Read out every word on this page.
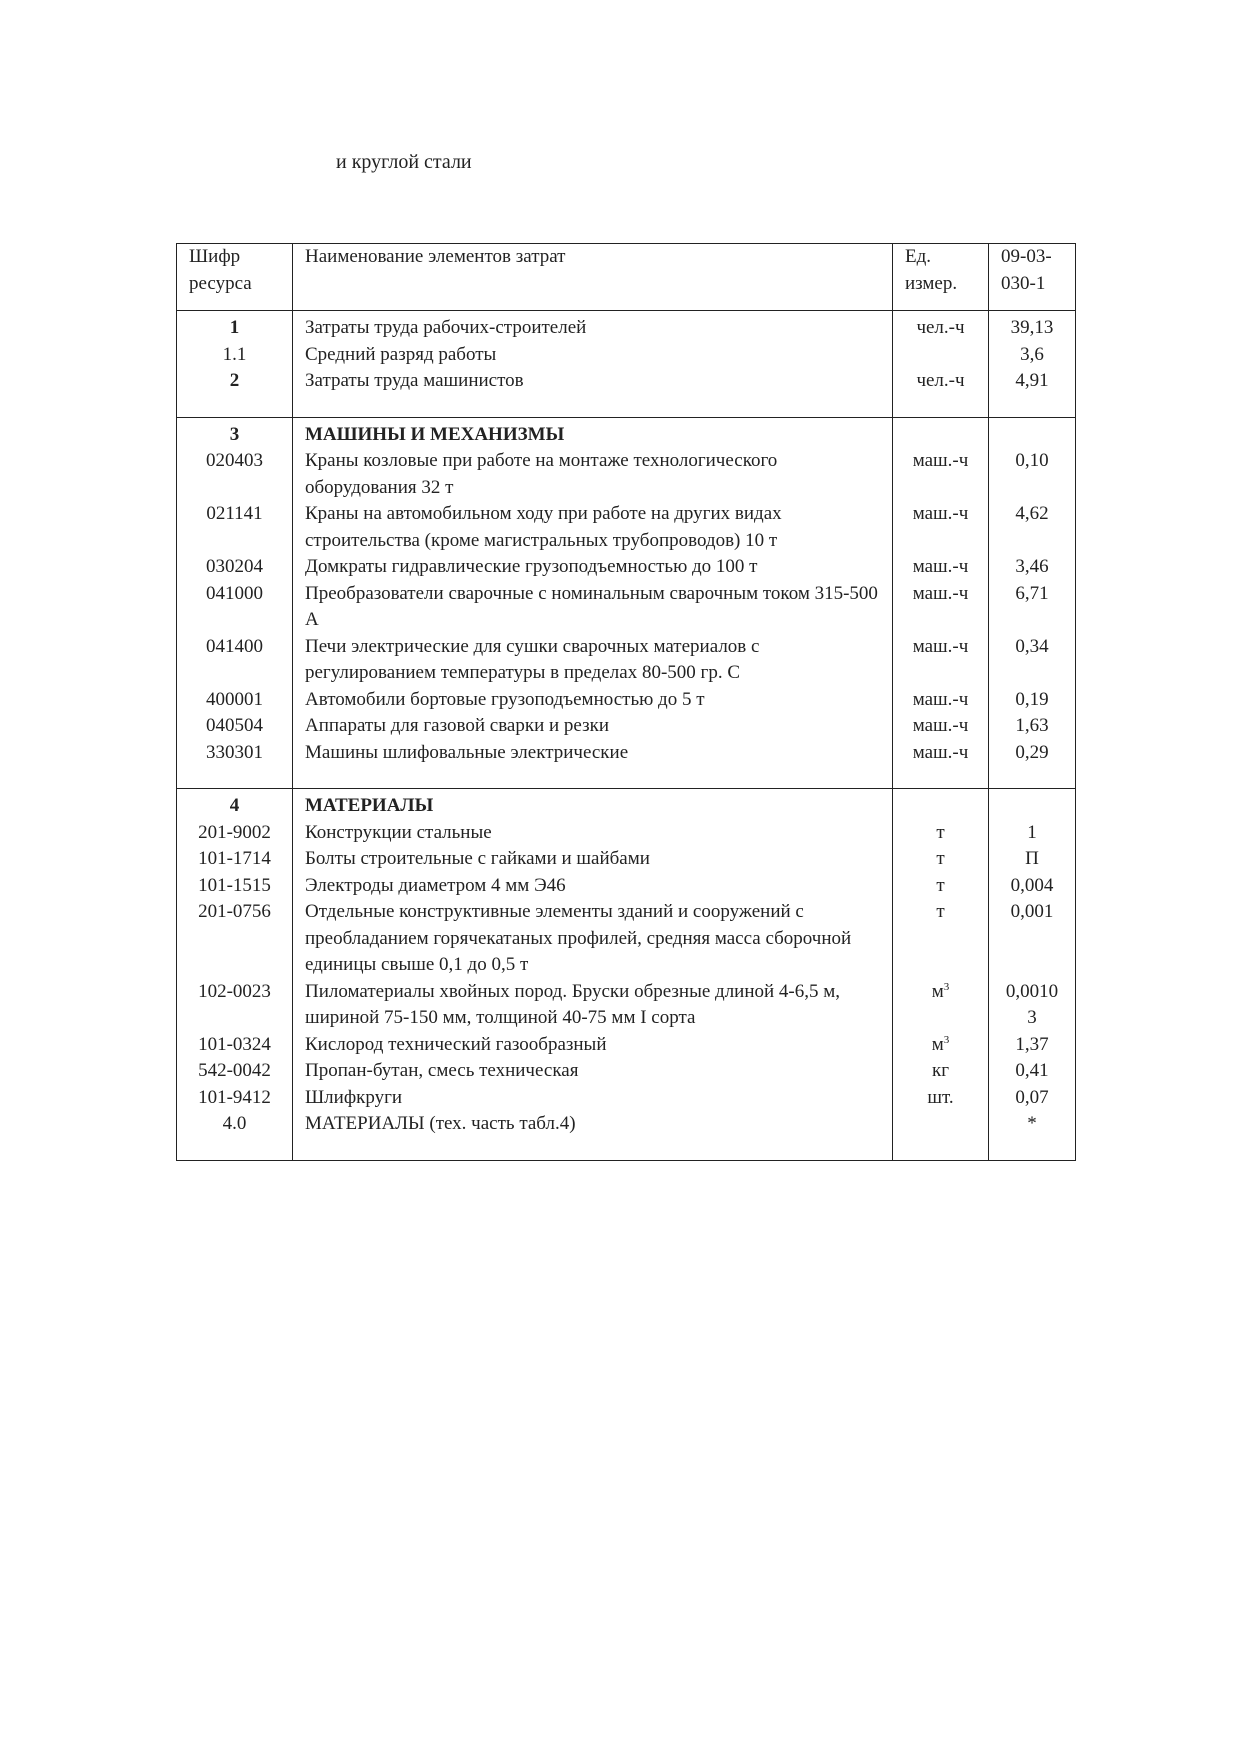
и круглой стали
Шифр ресурса	Наименование элементов затрат	Ед. измер.	09-03-030-1

1	Затраты труда рабочих-строителей	чел.-ч	39,13

1.1	Средний разряд работы		3,6

2	Затраты труда машинистов	чел.-ч	4,91

3	МАШИНЫ И МЕХАНИЗМЫ		

020403	Краны козловые при работе на монтаже технологического оборудования 32 т	маш.-ч	0,10

021141	Краны на автомобильном ходу при работе на других видах строительства (кроме магистральных трубопроводов) 10 т	маш.-ч	4,62

030204	Домкраты гидравлические грузоподъемностью до 100 т	маш.-ч	3,46

041000	Преобразователи сварочные с номинальным сварочным током 315-500 А	маш.-ч	6,71

041400	Печи электрические для сушки сварочных материалов с регулированием температуры в пределах 80-500 гр. С	маш.-ч	0,34

400001	Автомобили бортовые грузоподъемностью до 5 т	маш.-ч	0,19

040504	Аппараты для газовой сварки и резки	маш.-ч	1,63

330301	Машины шлифовальные электрические	маш.-ч	0,29

4	МАТЕРИАЛЫ		

201-9002	Конструкции стальные	т	1

101-1714	Болты строительные с гайками и шайбами	т	П

101-1515	Электроды диаметром 4 мм Э46	т	0,004

201-0756	Отдельные конструктивные элементы зданий и сооружений с преобладанием горячекатаных профилей, средняя масса сборочной единицы свыше 0,1 до 0,5 т	т	0,001

102-0023	Пиломатериалы хвойных пород. Бруски обрезные длиной 4-6,5 м, шириной 75-150 мм, толщиной 40-75 мм I сорта	$м^3$	0,0010 3

101-0324	Кислород технический газообразный	$м^3$	1,37

542-0042	Пропан-бутан, смесь техническая	кг	0,41

101-9412	Шлифкруги	шт.	0,07

4.0	МАТЕРИАЛЫ (тех. часть табл.4)		*
